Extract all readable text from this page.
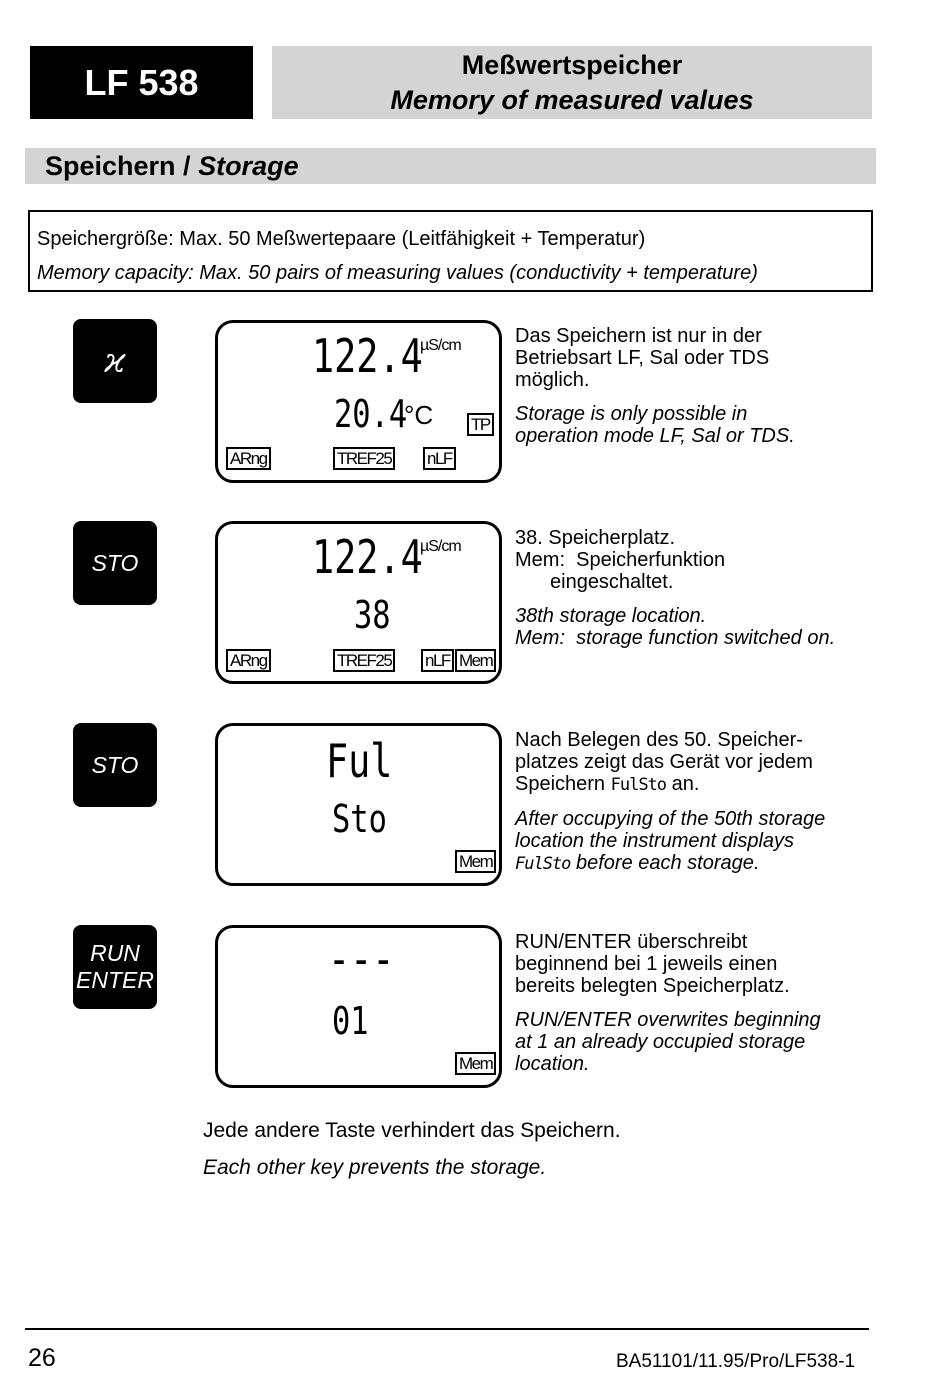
LF 538	Meßwertspeicher
Memory of measured values
Speichern / Storage
Speichergröße: Max. 50 Meßwertepaare (Leitfähigkeit + Temperatur)
Memory capacity: Max. 50 pairs of measuring values (conductivity + temperature)
ϰ	122.4
µS/cm
20.4
°C TP
ARng	TREF25 nLF
Das Speichern ist nur in der
Betriebsart LF, Sal oder TDS
möglich.
Storage is only possible in
operation mode LF, Sal or TDS.
STO	122.4
µS/cm
38
ARng	TREF25 nLF Mem
38. Speicherplatz.
Mem:  Speicherfunktion
eingeschaltet.
38th storage location.
Mem:  storage function switched on.
STO	Ful
Sto
Mem
Nach Belegen des 50. Speicher-
platzes zeigt das Gerät vor jedem
Speichern FulSto an.
After occupying of the 50th storage
location the instrument displays
FulSto before each storage.
RUN
ENTER	---
01
Mem
RUN/ENTER überschreibt
beginnend bei 1 jeweils einen
bereits belegten Speicherplatz.
RUN/ENTER overwrites beginning
at 1 an already occupied storage
location.
Jede andere Taste verhindert das Speichern.
Each other key prevents the storage.
26	BA51101/11.95/Pro/LF538-1
